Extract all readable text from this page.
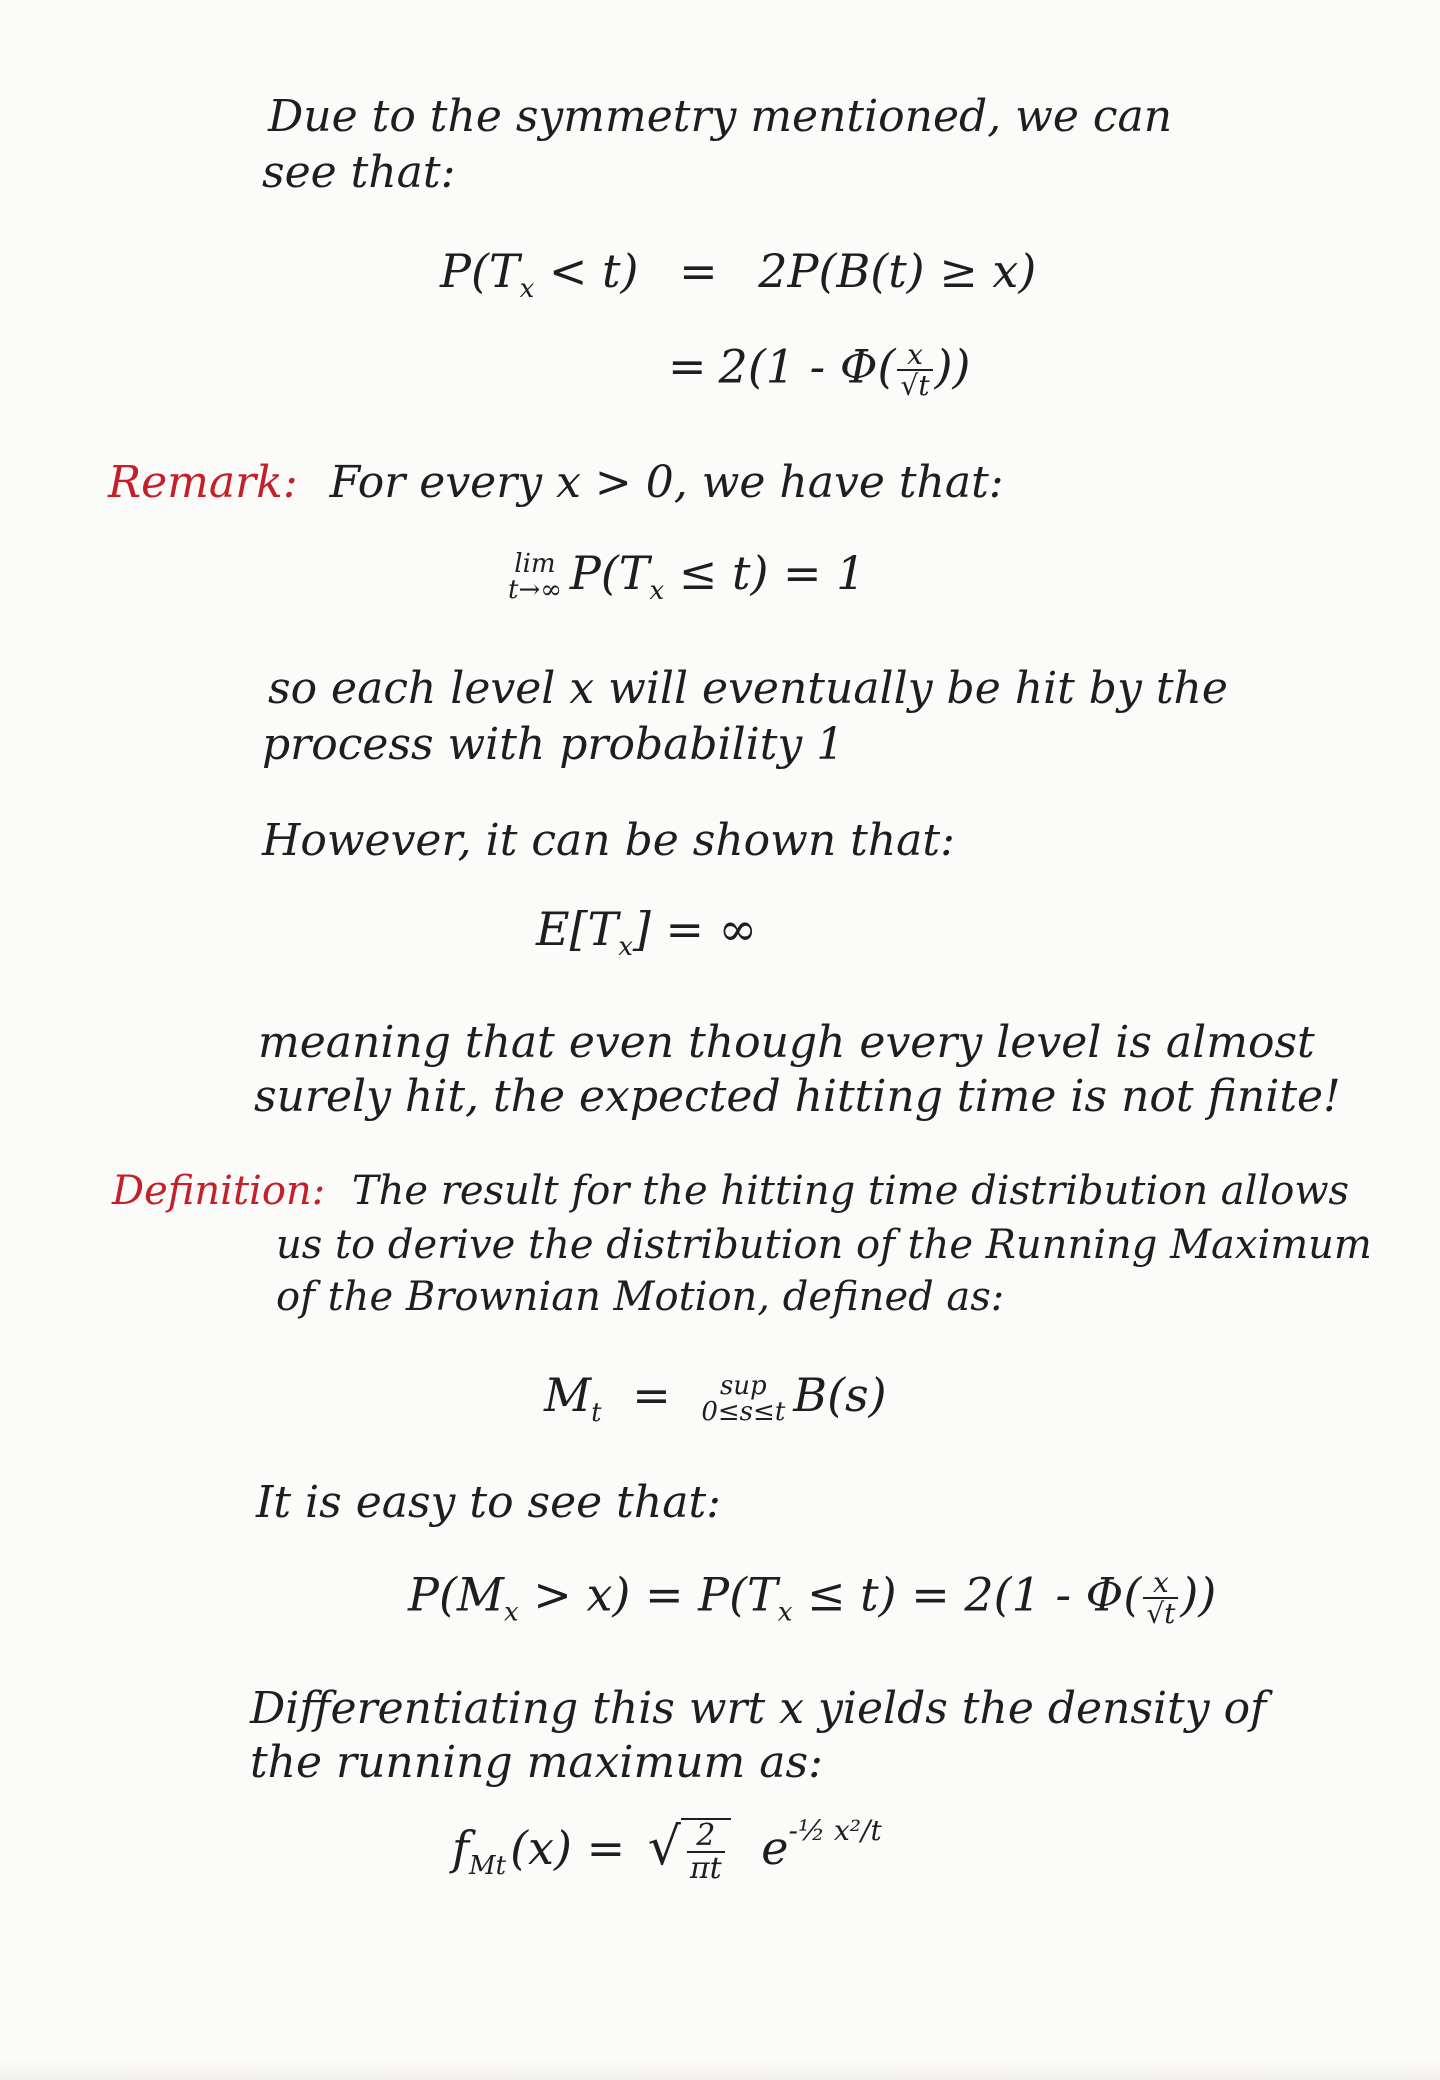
Due to the symmetry mentioned, we can
see that:
$P(T_x < t) = 2P(B(t) \ge x)$
= $2(1 - \Phi( \frac{x}{√t}$ ))
Remark: For every x > 0, we have that:
lim
t→∞ $P(T_x \le t) = 1$
so each level x will eventually be hit by the
process with probability 1
However, it can be shown that:
$E[T_x]$ = ∞
meaning that even though every level is almost
surely hit, the expected hitting time is not finite!
Definition: The result for the hitting time distribution allows
us to derive the distribution of the Running Maximum
of the Brownian Motion, defined as:
$M_t$ =	sup
0≤s≤t B(s)
It is easy to see that:
$P(M_x > x) = P(T_x \le t) = 2(1 - \Phi( \frac{x}{√t}$ ))
Differentiating this wrt x yields the density of
the running maximum as:
$f_{Mt}(x)$ = √ $\frac{2}{\pi t} e^{-\frac{1}{2} x^2/t}$
